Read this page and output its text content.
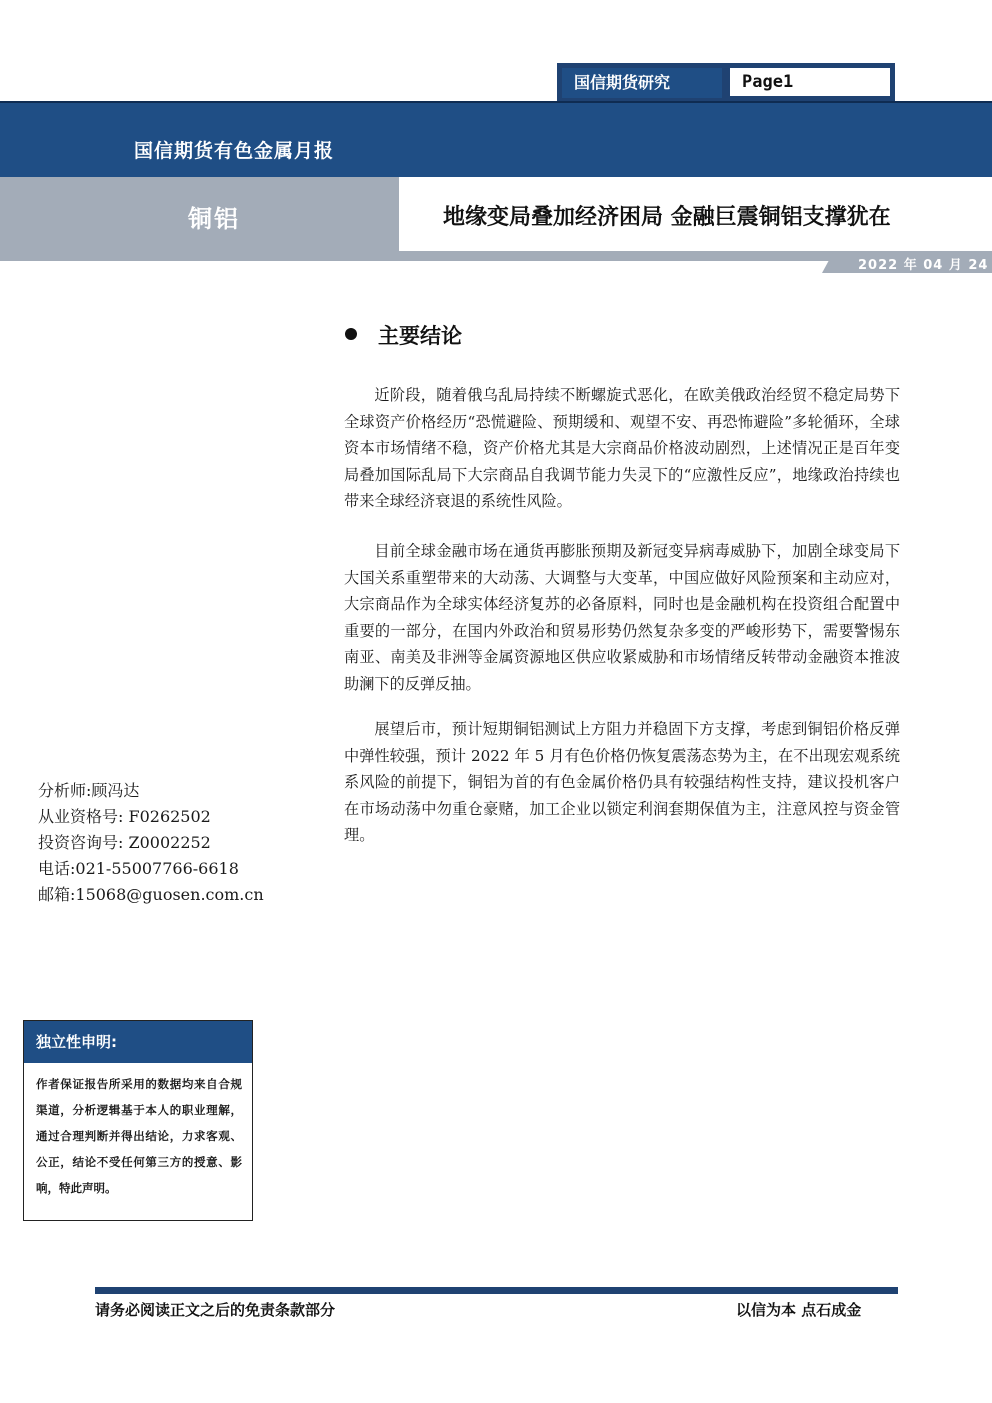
国信期货研究	Page1
国信期货有色金属月报
铜铝	地缘变局叠加经济困局 金融巨震铜铝支撑犹在
2022 年 04 月 24 日
主要结论

近阶段，随着俄乌乱局持续不断螺旋式恶化，在欧美俄政治经贸不稳定局势下全球资产价格经历“恐慌避险、预期缓和、观望不安、再恐怖避险”多轮循环，全球资本市场情绪不稳，资产价格尤其是大宗商品价格波动剧烈，上述情况正是百年变局叠加国际乱局下大宗商品自我调节能力失灵下的“应激性反应”，地缘政治持续也带来全球经济衰退的系统性风险。

目前全球金融市场在通货再膨胀预期及新冠变异病毒威胁下，加剧全球变局下大国关系重塑带来的大动荡、大调整与大变革，中国应做好风险预案和主动应对，大宗商品作为全球实体经济复苏的必备原料，同时也是金融机构在投资组合配置中重要的一部分，在国内外政治和贸易形势仍然复杂多变的严峻形势下，需要警惕东南亚、南美及非洲等金属资源地区供应收紧威胁和市场情绪反转带动金融资本推波助澜下的反弹反抽。

展望后市，预计短期铜铝测试上方阻力并稳固下方支撑，考虑到铜铝价格反弹中弹性较强，预计 2022 年 5 月有色价格仍恢复震荡态势为主，在不出现宏观系统系风险的前提下，铜铝为首的有色金属价格仍具有较强结构性支持，建议投机客户在市场动荡中勿重仓豪赌，加工企业以锁定利润套期保值为主，注意风控与资金管理。

分析师:顾冯达
从业资格号: F0262502
投资咨询号: Z0002252
电话:021-55007766-6618
邮箱:15068@guosen.com.cn
独立性申明:
作者保证报告所采用的数据均来自合规渠道，分析逻辑基于本人的职业理解，通过合理判断并得出结论，力求客观、公正，结论不受任何第三方的授意、影响，特此声明。
请务必阅读正文之后的免责条款部分	以信为本 点石成金
